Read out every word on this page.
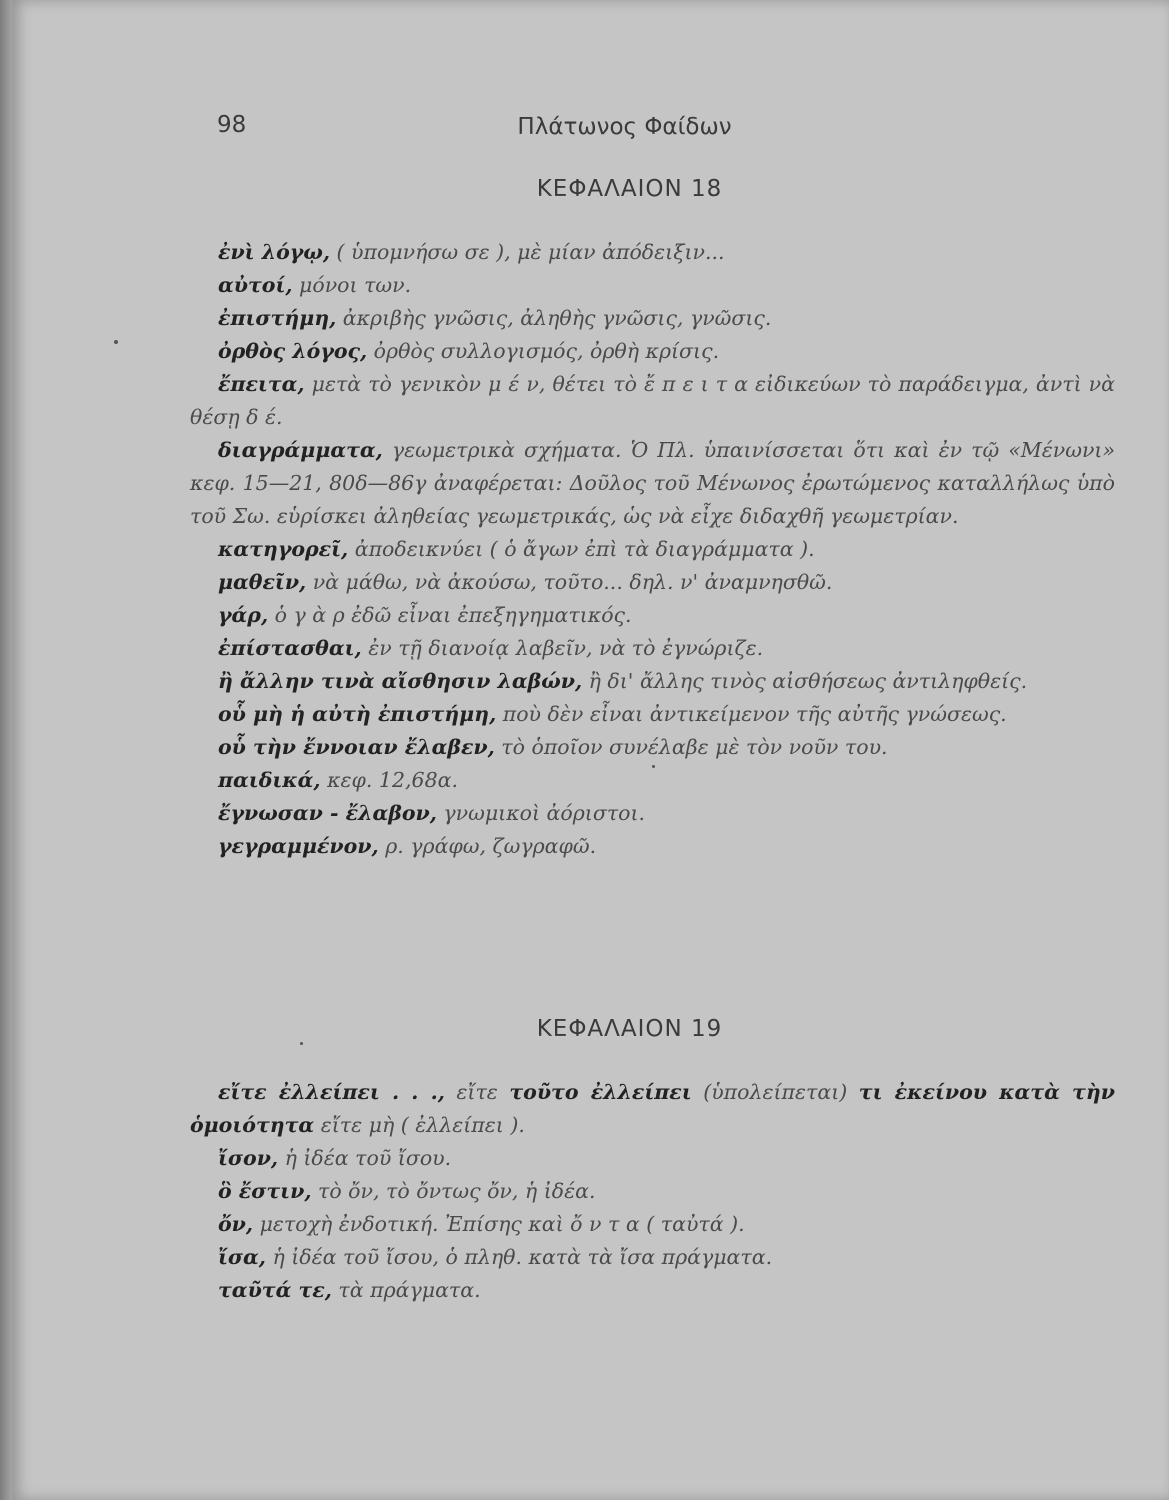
98	Πλάτωνος Φαίδων
ΚΕΦΑΛΑΙΟΝ 18

ἐνὶ λόγῳ, ( ὑπομνήσω σε ), μὲ μίαν ἀπόδειξιν...

αὐτοί, μόνοι των.

ἐπιστήμη, ἀκριβὴς γνῶσις, ἀληθὴς γνῶσις, γνῶσις.

ὀρθὸς λόγος, ὀρθὸς συλλογισμός, ὀρθὴ κρίσις.

ἔπειτα, μετὰ τὸ γενικὸν μ έ ν, θέτει τὸ ἔ π ε ι τ α εἰδικεύων τὸ παράδειγμα, ἀντὶ νὰ θέσῃ δ έ.

διαγράμματα, γεωμετρικὰ σχήματα. Ὁ Πλ. ὑπαινίσσεται ὅτι καὶ ἐν τῷ «Μένωνι» κεφ. 15—21, 80δ—86γ ἀναφέρεται: Δοῦλος τοῦ Μένωνος ἐρωτώμενος καταλλήλως ὑπὸ τοῦ Σω. εὑρίσκει ἀληθείας γεωμετρικάς, ὡς νὰ εἶχε διδαχθῆ γεωμετρίαν.

κατηγορεῖ, ἀποδεικνύει ( ὁ ἄγων ἐπὶ τὰ διαγράμματα ).

μαθεῖν, νὰ μάθω, νὰ ἀκούσω, τοῦτο... δηλ. ν' ἀναμνησθῶ.

γάρ, ὁ γ ὰ ρ ἐδῶ εἶναι ἐπεξηγηματικός.

ἐπίστασθαι, ἐν τῇ διανοίᾳ λαβεῖν, νὰ τὸ ἐγνώριζε.

ἢ ἄλλην τινὰ αἴσθησιν λαβών, ἢ δι' ἄλλης τινὸς αἰσθήσεως ἀντιληφθείς.

οὗ μὴ ἡ αὐτὴ ἐπιστήμη, ποὺ δὲν εἶναι ἀντικείμενον τῆς αὐτῆς γνώσεως.

οὗ τὴν ἔννοιαν ἔλαβεν, τὸ ὁποῖον συνέλαβε μὲ τὸν νοῦν του.

παιδικά, κεφ. 12,68α.

ἔγνωσαν - ἔλαβον, γνωμικοὶ ἀόριστοι.

γεγραμμένον, ρ. γράφω, ζωγραφῶ.

ΚΕΦΑΛΑΙΟΝ 19

εἴτε ἐλλείπει . . ., εἴτε τοῦτο ἐλλείπει (ὑπολείπεται) τι ἐκείνου κατὰ τὴν ὁμοιότητα εἴτε μὴ ( ἐλλείπει ).

ἴσον, ἡ ἰδέα τοῦ ἴσου.

ὃ ἔστιν, τὸ ὄν, τὸ ὄντως ὄν, ἡ ἰδέα.

ὄν, μετοχὴ ἐνδοτική. Ἐπίσης καὶ ὄ ν τ α ( ταὐτά ).

ἴσα, ἡ ἰδέα τοῦ ἴσου, ὁ πληθ. κατὰ τὰ ἴσα πράγματα.

ταῦτά τε, τὰ πράγματα.
